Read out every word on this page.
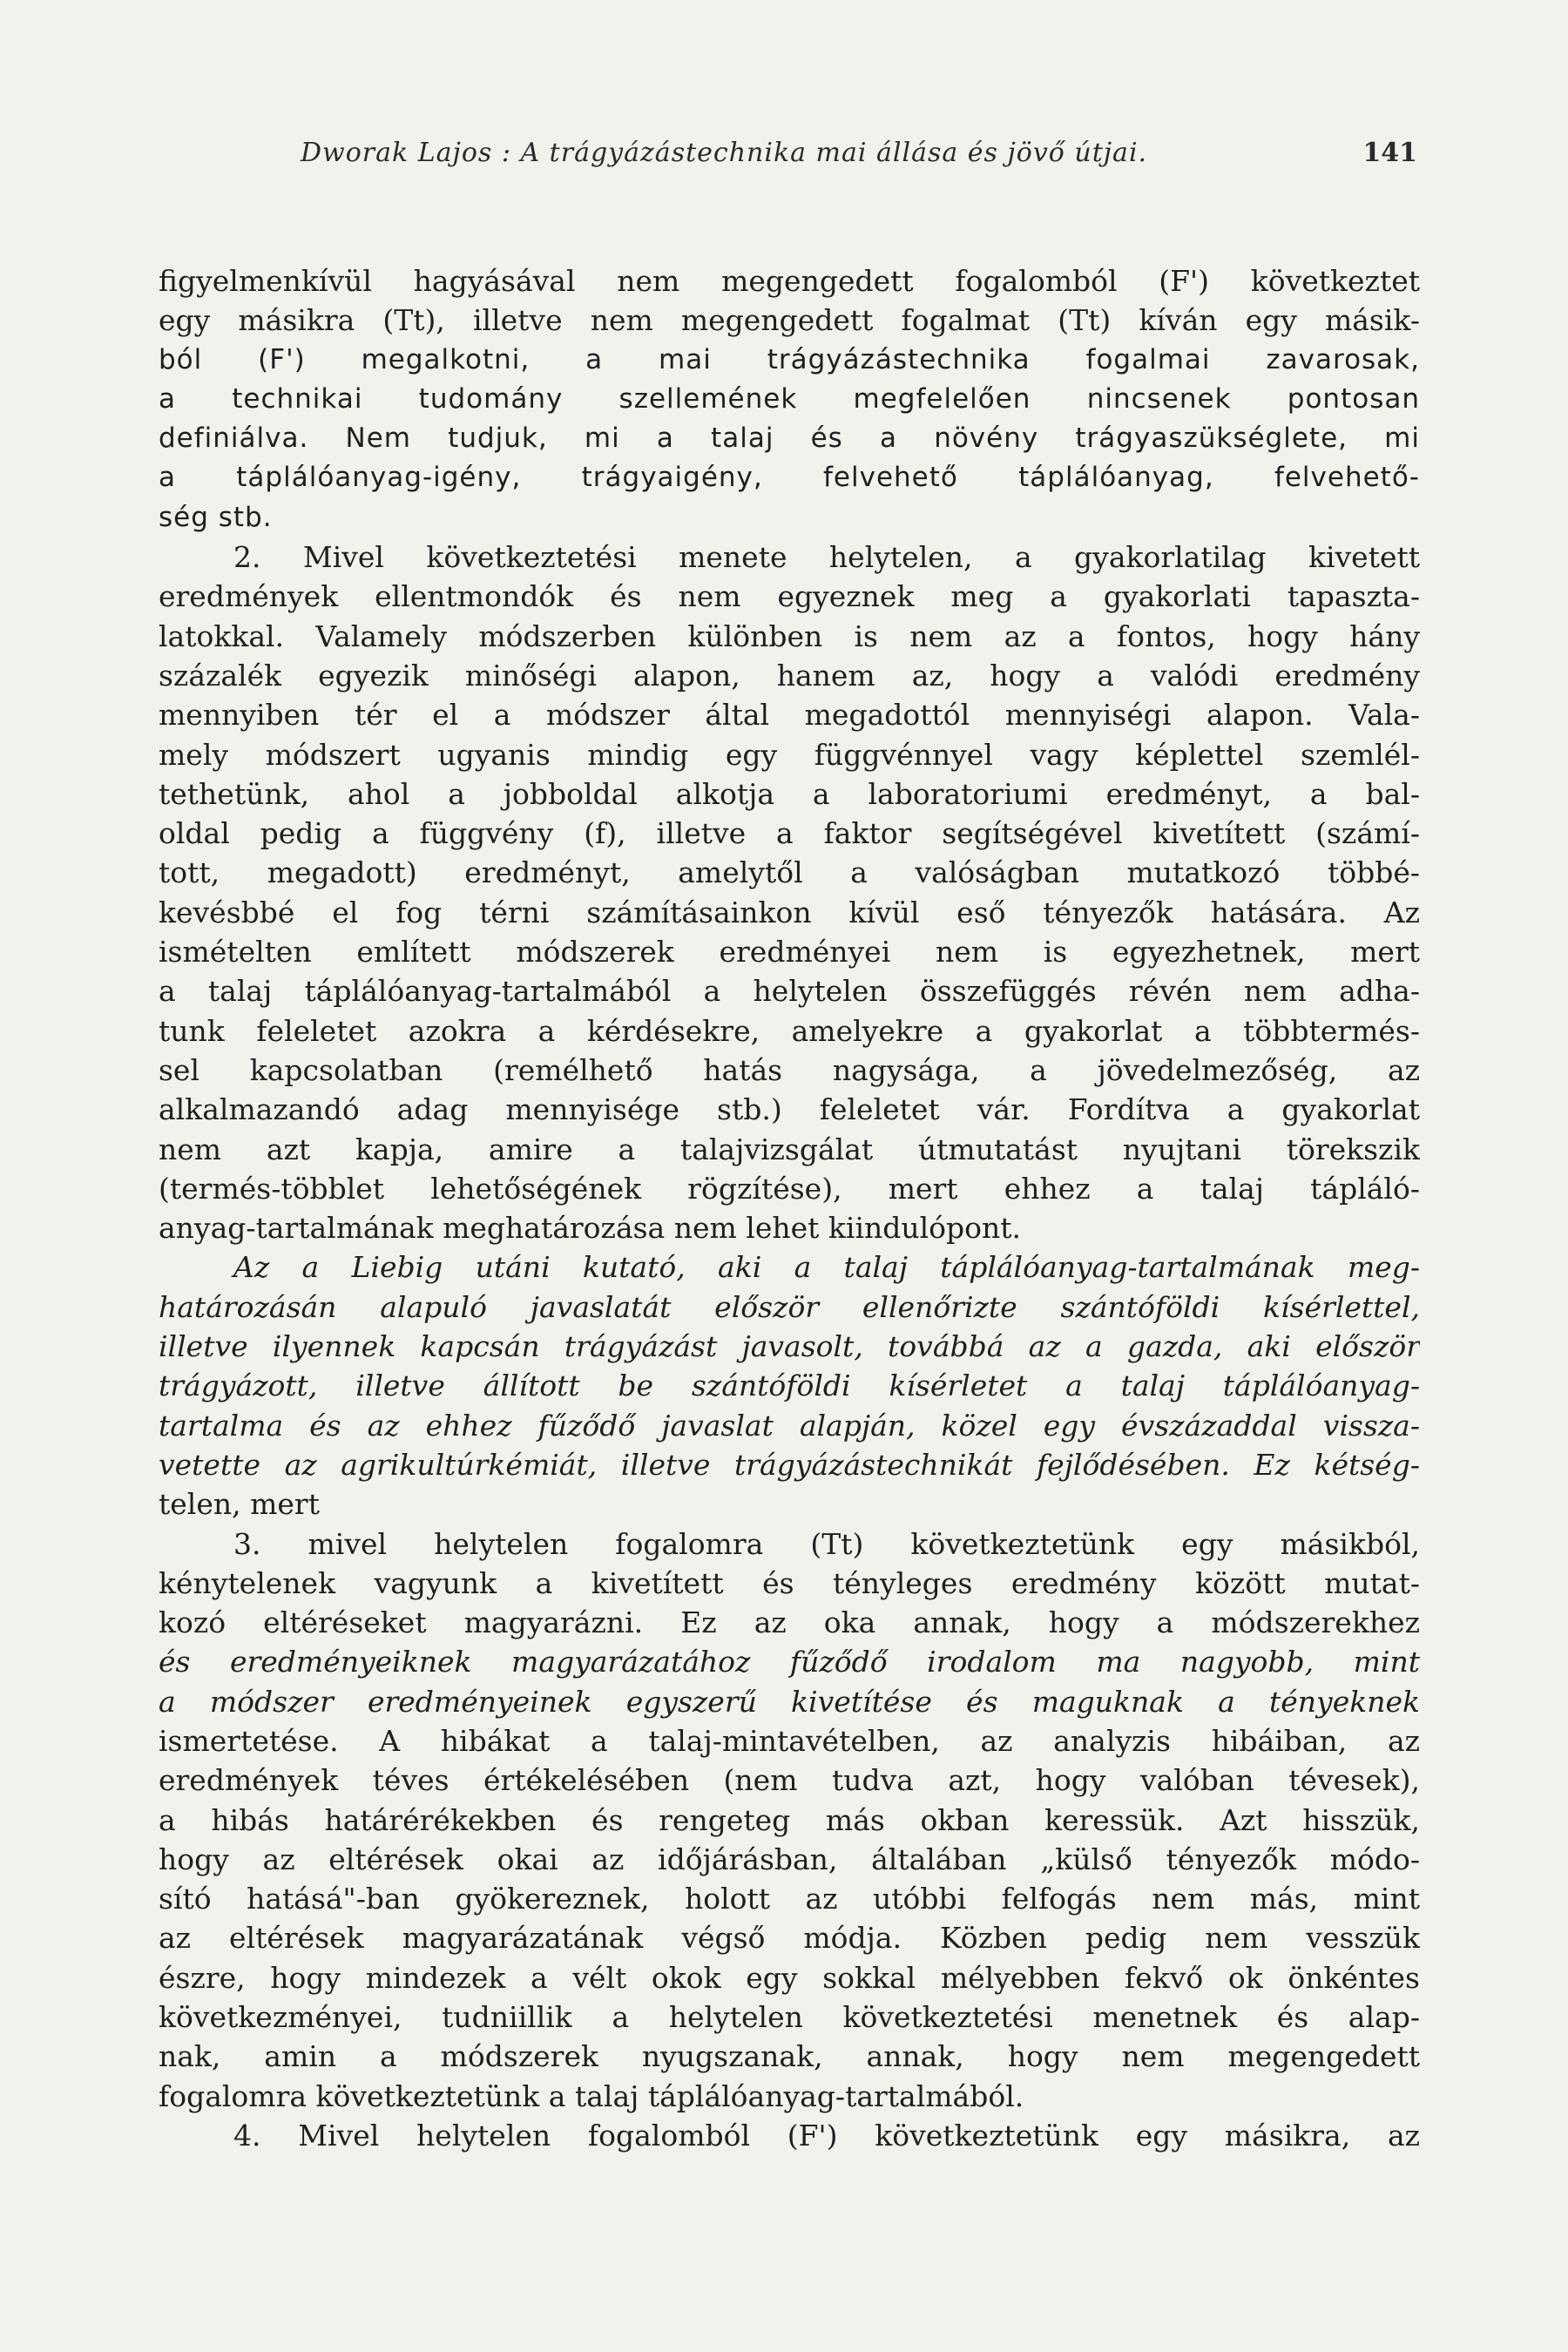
Dworak Lajos : A trágyázástechnika mai állása és jövő útjai.	141
figyelmenkívül hagyásával nem megengedett fogalomból (F') következtet
egy másikra (Tt), illetve nem megengedett fogalmat (Tt) kíván egy másik-
ból (F') megalkotni, a mai trágyázástechnika fogalmai zavarosak,
a technikai tudomány szellemének megfelelően nincsenek pontosan
definiálva. Nem tudjuk, mi a talaj és a növény trágyaszükséglete, mi
a táplálóanyag-igény, trágyaigény, felvehető táplálóanyag, felvehető-
ség stb.
2. Mivel következtetési menete helytelen, a gyakorlatilag kivetett
eredmények ellentmondók és nem egyeznek meg a gyakorlati tapaszta-
latokkal. Valamely módszerben különben is nem az a fontos, hogy hány
százalék egyezik minőségi alapon, hanem az, hogy a valódi eredmény
mennyiben tér el a módszer által megadottól mennyiségi alapon. Vala-
mely módszert ugyanis mindig egy függvénnyel vagy képlettel szemlél-
tethetünk, ahol a jobboldal alkotja a laboratoriumi eredményt, a bal-
oldal pedig a függvény (f), illetve a faktor segítségével kivetített (számí-
tott, megadott) eredményt, amelytől a valóságban mutatkozó többé-
kevésbbé el fog térni számításainkon kívül eső tényezők hatására. Az
ismételten említett módszerek eredményei nem is egyezhetnek, mert
a talaj táplálóanyag-tartalmából a helytelen összefüggés révén nem adha-
tunk feleletet azokra a kérdésekre, amelyekre a gyakorlat a többtermés-
sel kapcsolatban (remélhető hatás nagysága, a jövedelmezőség, az
alkalmazandó adag mennyisége stb.) feleletet vár. Fordítva a gyakorlat
nem azt kapja, amire a talajvizsgálat útmutatást nyujtani törekszik
(termés-többlet lehetőségének rögzítése), mert ehhez a talaj tápláló-
anyag-tartalmának meghatározása nem lehet kiindulópont.
Az a Liebig utáni kutató, aki a talaj táplálóanyag-tartalmának meg-
határozásán alapuló javaslatát először ellenőrizte szántóföldi kísérlettel,
illetve ilyennek kapcsán trágyázást javasolt, továbbá az a gazda, aki először
trágyázott, illetve állított be szántóföldi kísérletet a talaj táplálóanyag-
tartalma és az ehhez fűződő javaslat alapján, közel egy évszázaddal vissza-
vetette az agrikultúrkémiát, illetve trágyázástechnikát fejlődésében. Ez kétség-
telen, mert
3. mivel helytelen fogalomra (Tt) következtetünk egy másikból,
kénytelenek vagyunk a kivetített és tényleges eredmény között mutat-
kozó eltéréseket magyarázni. Ez az oka annak, hogy a módszerekhez
és eredményeiknek magyarázatához fűződő irodalom ma nagyobb, mint
a módszer eredményeinek egyszerű kivetítése és maguknak a tényeknek
ismertetése. A hibákat a talaj-mintavételben, az analyzis hibáiban, az
eredmények téves értékelésében (nem tudva azt, hogy valóban tévesek),
a hibás határérékekben és rengeteg más okban keressük. Azt hisszük,
hogy az eltérések okai az időjárásban, általában „külső tényezők módo-
sító hatásá"-ban gyökereznek, holott az utóbbi felfogás nem más, mint
az eltérések magyarázatának végső módja. Közben pedig nem vesszük
észre, hogy mindezek a vélt okok egy sokkal mélyebben fekvő ok önkéntes
következményei, tudniillik a helytelen következtetési menetnek és alap-
nak, amin a módszerek nyugszanak, annak, hogy nem megengedett
fogalomra következtetünk a talaj táplálóanyag-tartalmából.
4. Mivel helytelen fogalomból (F') következtetünk egy másikra, az
